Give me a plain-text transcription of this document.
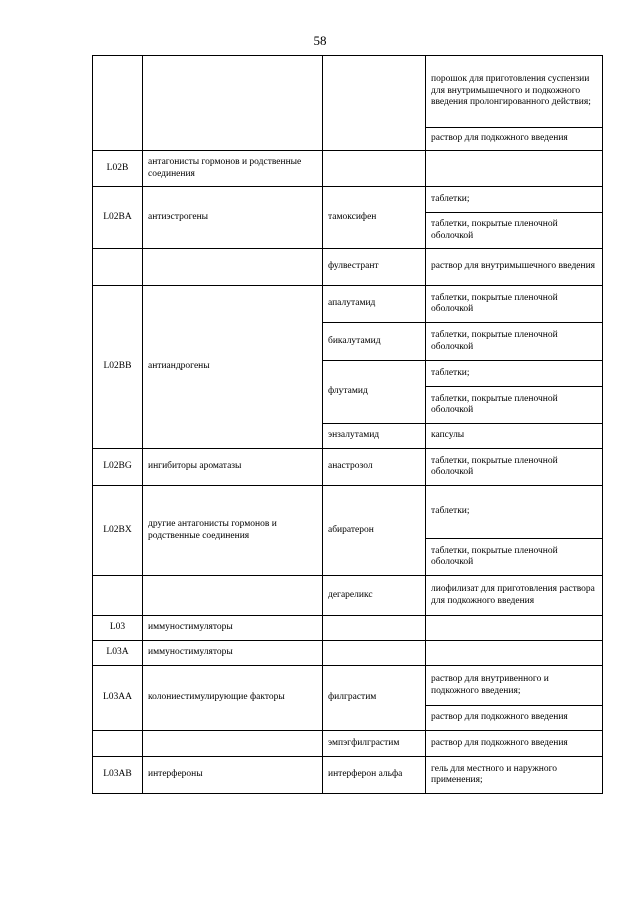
58
			порошок для приготовления суспензии для внутримышечного и подкожного введения пролонгированного действия;
			раствор для подкожного введения
L02B	антагонисты гормонов и родственные соединения		
L02BA	антиэстрогены	тамоксифен	таблетки;
			таблетки, покрытые пленочной оболочкой
		фулвестрант	раствор для внутримышечного введения
L02BB	антиандрогены	апалутамид	таблетки, покрытые пленочной оболочкой
		бикалутамид	таблетки, покрытые пленочной оболочкой
		флутамид	таблетки;
			таблетки, покрытые пленочной оболочкой
		энзалутамид	капсулы
L02BG	ингибиторы ароматазы	анастрозол	таблетки, покрытые пленочной оболочкой
L02BX	другие антагонисты гормонов и родственные соединения	абиратерон	таблетки;
			таблетки, покрытые пленочной оболочкой
		дегареликс	лиофилизат для приготовления раствора для подкожного введения
L03	иммуностимуляторы		
L03A	иммуностимуляторы		
L03AA	колониестимулирующие факторы	филграстим	раствор для внутривенного и подкожного введения;
			раствор для подкожного введения
		эмпэгфилграстим	раствор для подкожного введения
L03AB	интерфероны	интерферон альфа	гель для местного и наружного применения;
